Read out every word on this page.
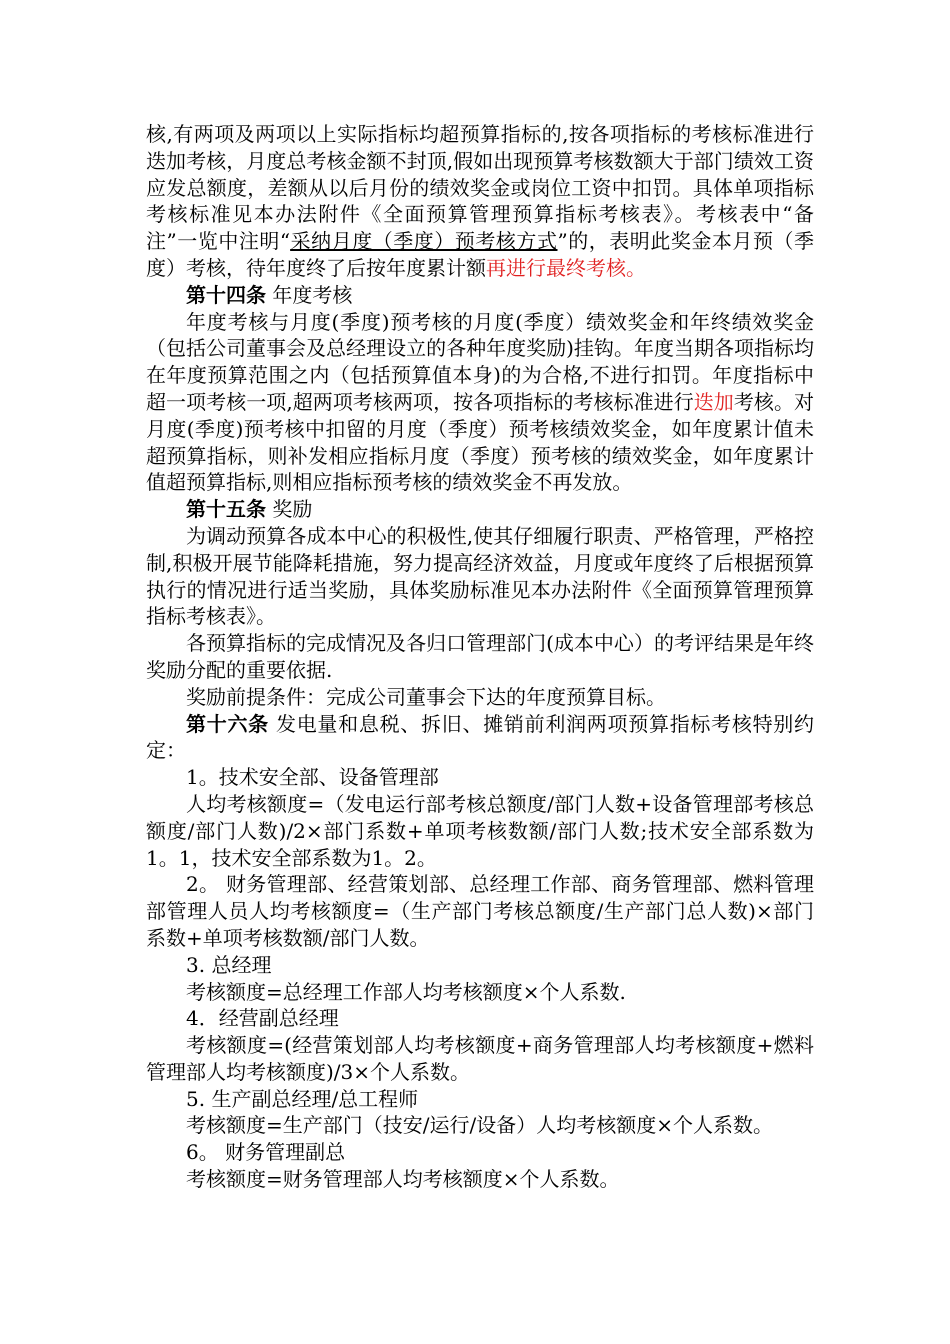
核,有两项及两项以上实际指标均超预算指标的,按各项指标的考核标准进行迭加考核，月度总考核金额不封顶,假如出现预算考核数额大于部门绩效工资应发总额度，差额从以后月份的绩效奖金或岗位工资中扣罚。具体单项指标考核标准见本办法附件《全面预算管理预算指标考核表》。考核表中“备注”一览中注明“采纳月度（季度）预考核方式”的，表明此奖金本月预（季度）考核，待年度终了后按年度累计额再进行最终考核。

第十四条 年度考核

年度考核与月度(季度)预考核的月度(季度）绩效奖金和年终绩效奖金（包括公司董事会及总经理设立的各种年度奖励)挂钩。年度当期各项指标均在年度预算范围之内（包括预算值本身)的为合格,不进行扣罚。年度指标中超一项考核一项,超两项考核两项，按各项指标的考核标准进行迭加考核。对月度(季度)预考核中扣留的月度（季度）预考核绩效奖金，如年度累计值未超预算指标，则补发相应指标月度（季度）预考核的绩效奖金，如年度累计值超预算指标,则相应指标预考核的绩效奖金不再发放。

第十五条 奖励

为调动预算各成本中心的积极性,使其仔细履行职责、严格管理，严格控制,积极开展节能降耗措施，努力提高经济效益，月度或年度终了后根据预算执行的情况进行适当奖励，具体奖励标准见本办法附件《全面预算管理预算指标考核表》。

各预算指标的完成情况及各归口管理部门(成本中心）的考评结果是年终奖励分配的重要依据.

奖励前提条件：完成公司董事会下达的年度预算目标。

第十六条 发电量和息税、拆旧、摊销前利润两项预算指标考核特别约定：

1。技术安全部、设备管理部

人均考核额度=（发电运行部考核总额度/部门人数+设备管理部考核总额度/部门人数)/2×部门系数+单项考核数额/部门人数;技术安全部系数为1。1，技术安全部系数为1。2。

2。 财务管理部、经营策划部、总经理工作部、商务管理部、燃料管理部管理人员人均考核额度=（生产部门考核总额度/生产部门总人数)×部门系数+单项考核数额/部门人数。

3. 总经理

考核额度=总经理工作部人均考核额度×个人系数.

4．经营副总经理

考核额度=(经营策划部人均考核额度+商务管理部人均考核额度+燃料管理部人均考核额度)/3×个人系数。

5. 生产副总经理/总工程师

考核额度=生产部门（技安/运行/设备）人均考核额度×个人系数。

6。 财务管理副总

考核额度=财务管理部人均考核额度×个人系数。
